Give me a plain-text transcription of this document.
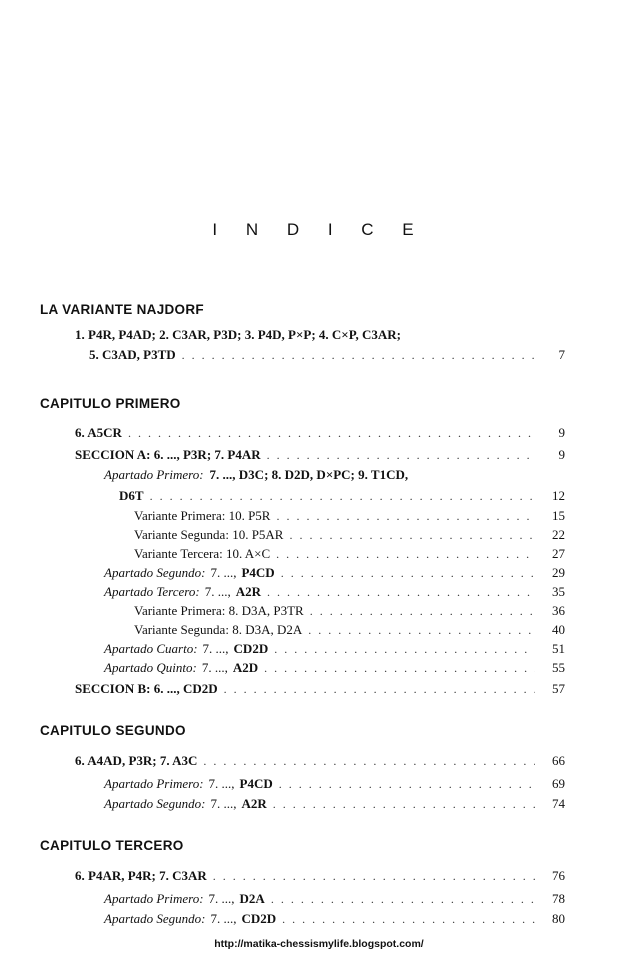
I N D I C E
LA VARIANTE NAJDORF
1. P4R, P4AD; 2. C3AR, P3D; 3. P4D, P×P; 4. C×P, C3AR;
5. C3AD, P3TD . . .	7
CAPITULO PRIMERO
6. A5CR . . .	9
SECCION A: 6. ..., P3R; 7. P4AR . . .	9
Apartado Primero: 7. ..., D3C; 8. D2D, D×PC; 9. T1CD,
D6T . . .	12
Variante Primera: 10. P5R . . .	15
Variante Segunda: 10. P5AR . . .	22
Variante Tercera: 10. A×C . . .	27
Apartado Segundo: 7. ..., P4CD . . .	29
Apartado Tercero: 7. ..., A2R . . .	35
Variante Primera: 8. D3A, P3TR . . .	36
Variante Segunda: 8. D3A, D2A . . .	40
Apartado Cuarto: 7. ..., CD2D . . .	51
Apartado Quinto: 7. ..., A2D . . .	55
SECCION B: 6. ..., CD2D . . .	57
CAPITULO SEGUNDO
6. A4AD, P3R; 7. A3C . . .	66
Apartado Primero: 7. ..., P4CD . . .	69
Apartado Segundo: 7. ..., A2R . . .	74
CAPITULO TERCERO
6. P4AR, P4R; 7. C3AR . . .	76
Apartado Primero: 7. ..., D2A . . .	78
Apartado Segundo: 7. ..., CD2D . . .	80
http://matika-chessismylife.blogspot.com/
